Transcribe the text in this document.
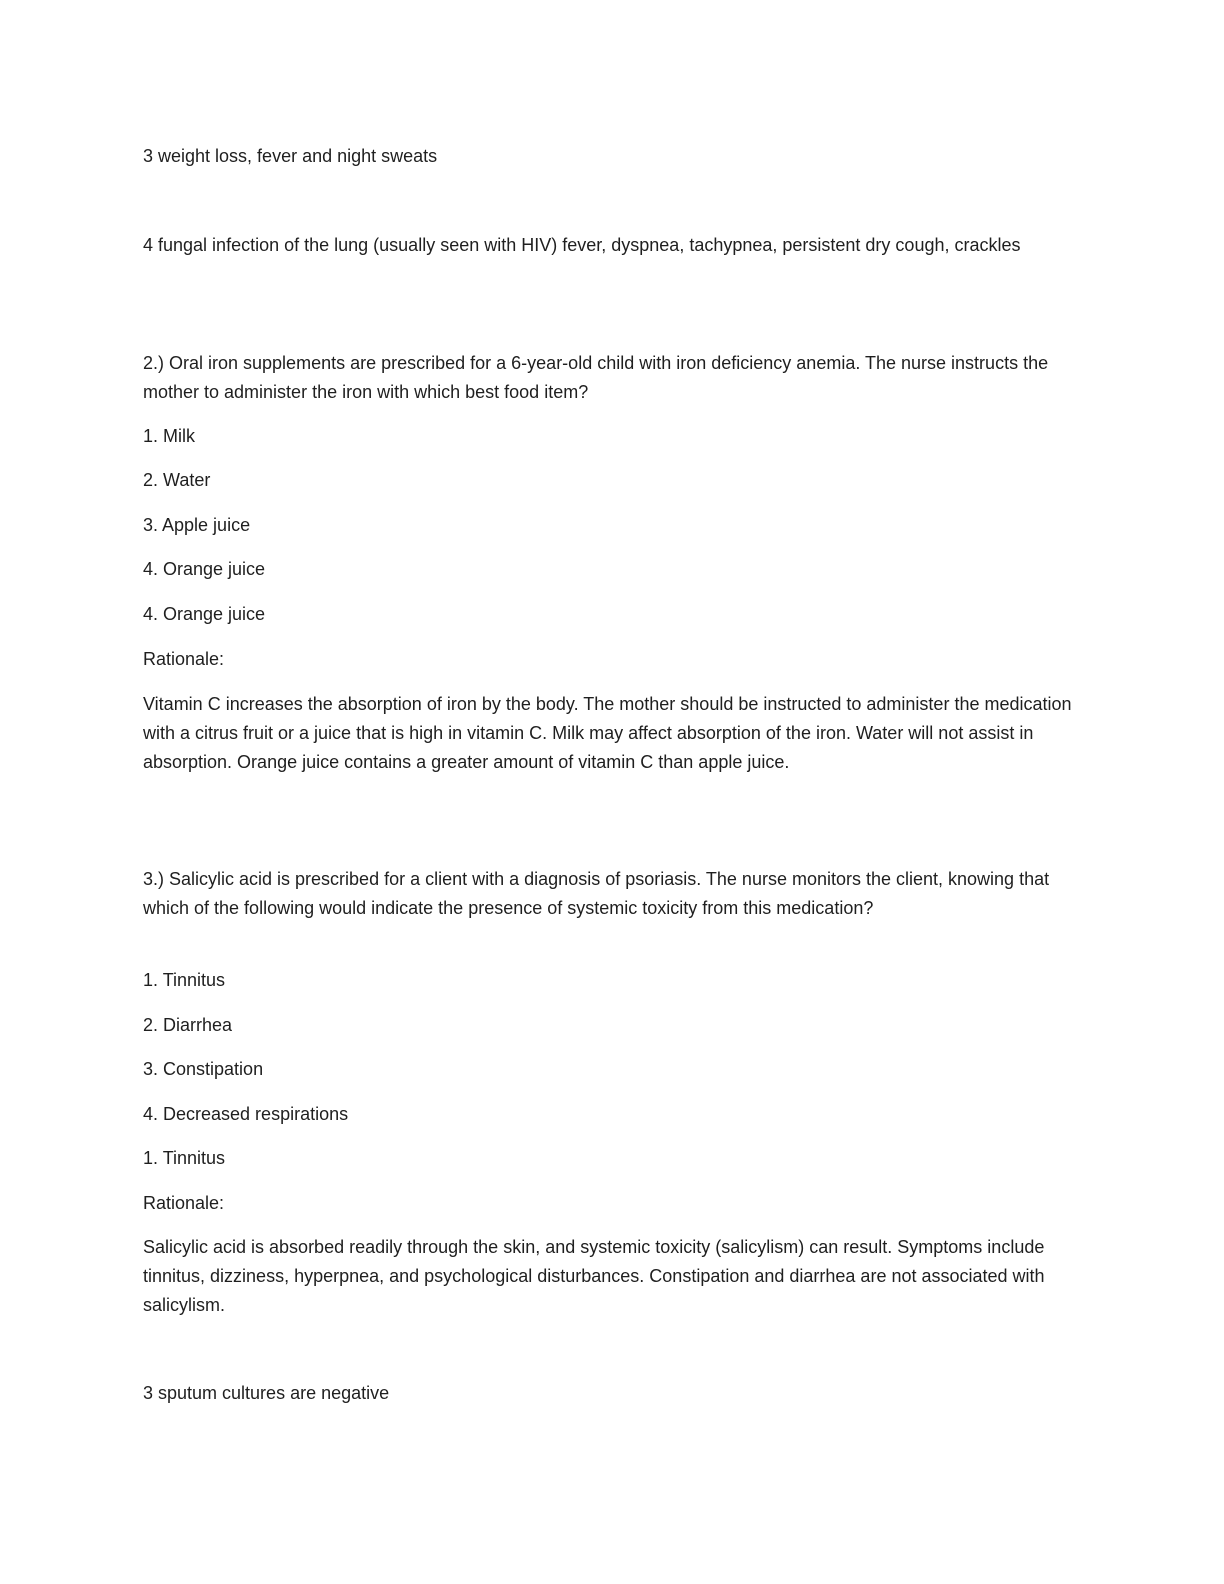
3 weight loss, fever and night sweats
4 fungal infection of the lung (usually seen with HIV) fever, dyspnea, tachypnea, persistent dry cough, crackles
2.) Oral iron supplements are prescribed for a 6-year-old child with iron deficiency anemia. The nurse instructs the mother to administer the iron with which best food item?
1. Milk
2. Water
3. Apple juice
4. Orange juice
4. Orange juice
Rationale:
Vitamin C increases the absorption of iron by the body. The mother should be instructed to administer the medication with a citrus fruit or a juice that is high in vitamin C. Milk may affect absorption of the iron. Water will not assist in absorption. Orange juice contains a greater amount of vitamin C than apple juice.
3.) Salicylic acid is prescribed for a client with a diagnosis of psoriasis. The nurse monitors the client, knowing that which of the following would indicate the presence of systemic toxicity from this medication?
1. Tinnitus
2. Diarrhea
3. Constipation
4. Decreased respirations
1. Tinnitus
Rationale:
Salicylic acid is absorbed readily through the skin, and systemic toxicity (salicylism) can result. Symptoms include tinnitus, dizziness, hyperpnea, and psychological disturbances. Constipation and diarrhea are not associated with salicylism.
3 sputum cultures are negative
